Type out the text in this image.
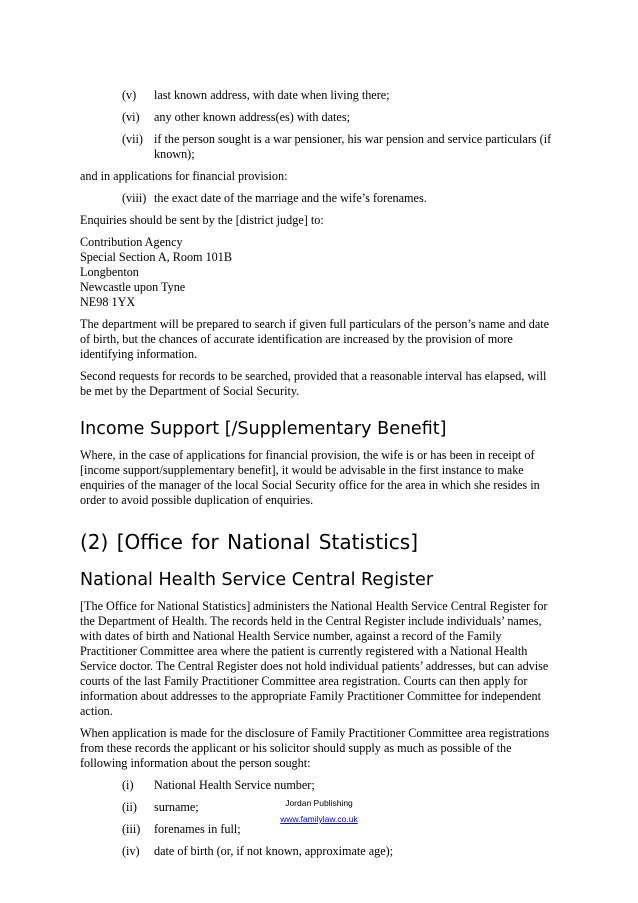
(v)	last known address, with date when living there;
(vi)	any other known address(es) with dates;
(vii) if the person sought is a war pensioner, his war pension and service particulars (if known);

and in applications for financial provision:

(viii) the exact date of the marriage and the wife’s forenames.

Enquiries should be sent by the [district judge] to:

Contribution Agency
Special Section A, Room 101B
Longbenton
Newcastle upon Tyne
NE98 1YX

The department will be prepared to search if given full particulars of the person’s name and date of birth, but the chances of accurate identification are increased by the provision of more identifying information.

Second requests for records to be searched, provided that a reasonable interval has elapsed, will be met by the Department of Social Security.

Income Support [/Supplementary Benefit]

Where, in the case of applications for financial provision, the wife is or has been in receipt of [income support/supplementary benefit], it would be advisable in the first instance to make enquiries of the manager of the local Social Security office for the area in which she resides in order to avoid possible duplication of enquiries.

(2) [Office for National Statistics]
National Health Service Central Register

[The Office for National Statistics] administers the National Health Service Central Register for the Department of Health. The records held in the Central Register include individuals’ names, with dates of birth and National Health Service number, against a record of the Family Practitioner Committee area where the patient is currently registered with a National Health Service doctor. The Central Register does not hold individual patients’ addresses, but can advise courts of the last Family Practitioner Committee area registration. Courts can then apply for information about addresses to the appropriate Family Practitioner Committee for independent action.

When application is made for the disclosure of Family Practitioner Committee area registrations from these records the applicant or his solicitor should supply as much as possible of the following information about the person sought:

(i)	National Health Service number;
(ii)	surname;
(iii)	forenames in full;
(iv)	date of birth (or, if not known, approximate age);
Jordan Publishing
www.familylaw.co.uk
